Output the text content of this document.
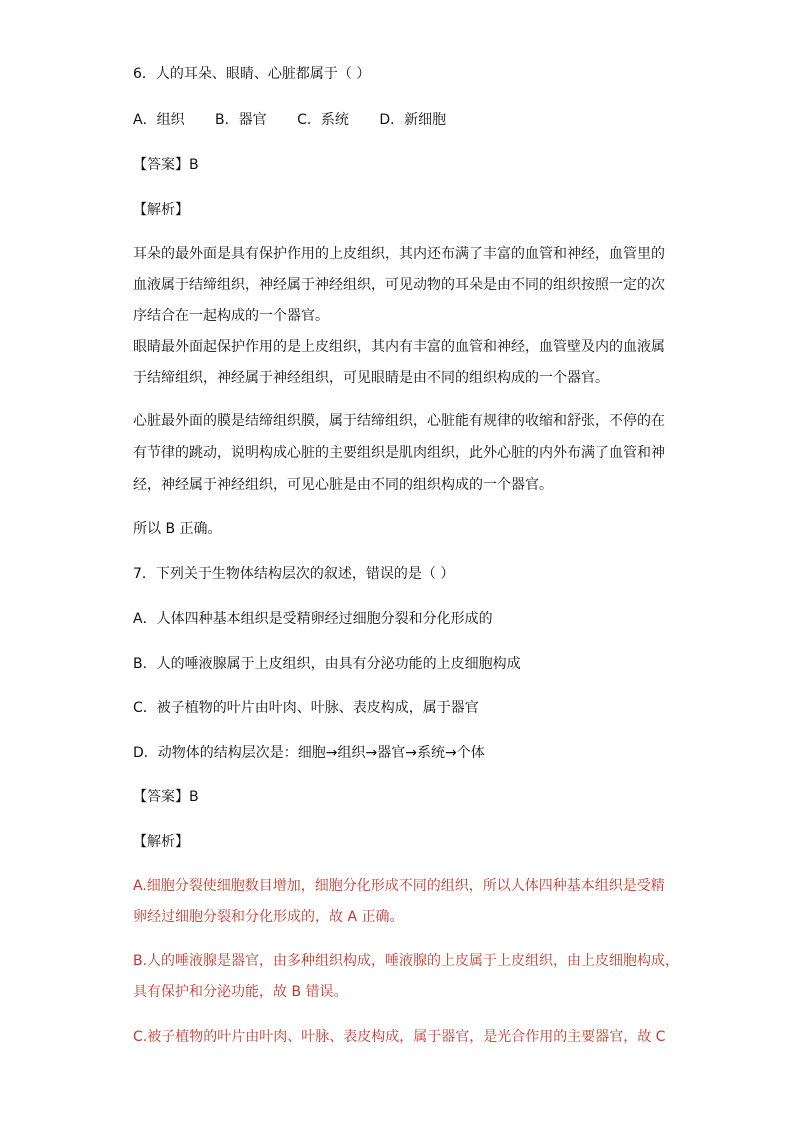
6．人的耳朵、眼睛、心脏都属于（ ）
A．组织 B．器官 C．系统 D．新细胞
【答案】B
【解析】
耳朵的最外面是具有保护作用的上皮组织，其内还布满了丰富的血管和神经，血管里的
血液属于结缔组织，神经属于神经组织，可见动物的耳朵是由不同的组织按照一定的次
序结合在一起构成的一个器官。
眼睛最外面起保护作用的是上皮组织，其内有丰富的血管和神经，血管壁及内的血液属
于结缔组织，神经属于神经组织，可见眼睛是由不同的组织构成的一个器官。
心脏最外面的膜是结缔组织膜，属于结缔组织，心脏能有规律的收缩和舒张，不停的在
有节律的跳动，说明构成心脏的主要组织是肌肉组织，此外心脏的内外布满了血管和神
经，神经属于神经组织，可见心脏是由不同的组织构成的一个器官。
所以 B 正确。
7．下列关于生物体结构层次的叙述，错误的是（ ）
A．人体四种基本组织是受精卵经过细胞分裂和分化形成的
B．人的唾液腺属于上皮组织，由具有分泌功能的上皮细胞构成
C．被子植物的叶片由叶肉、叶脉、表皮构成，属于器官
D．动物体的结构层次是：细胞→组织→器官→系统→个体
【答案】B
【解析】
A.细胞分裂使细胞数目增加，细胞分化形成不同的组织，所以人体四种基本组织是受精
卵经过细胞分裂和分化形成的，故 A 正确。
B.人的唾液腺是器官，由多种组织构成，唾液腺的上皮属于上皮组织，由上皮细胞构成，
具有保护和分泌功能，故 B 错误。
C.被子植物的叶片由叶肉、叶脉、表皮构成，属于器官，是光合作用的主要器官，故 C
